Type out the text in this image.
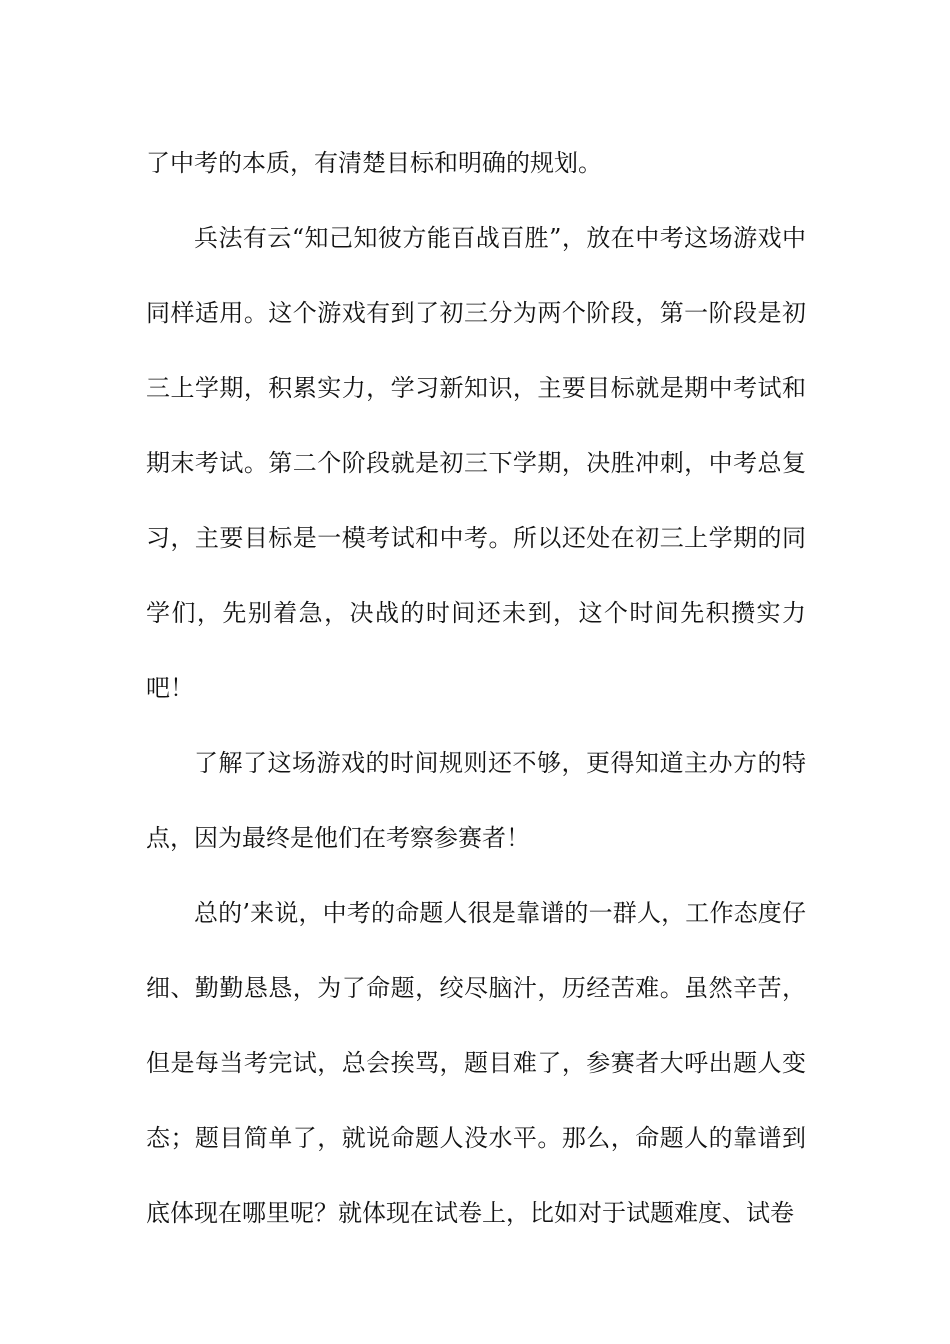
了中考的本质，有清楚目标和明确的规划。

兵法有云“知己知彼方能百战百胜”，放在中考这场游戏中同样适用。这个游戏有到了初三分为两个阶段，第一阶段是初三上学期，积累实力，学习新知识，主要目标就是期中考试和期末考试。第二个阶段就是初三下学期，决胜冲刺，中考总复习，主要目标是一模考试和中考。所以还处在初三上学期的同学们，先别着急，决战的时间还未到，这个时间先积攒实力吧！

了解了这场游戏的时间规则还不够，更得知道主办方的特点，因为最终是他们在考察参赛者！

总的’来说，中考的命题人很是靠谱的一群人，工作态度仔细、勤勤恳恳，为了命题，绞尽脑汁，历经苦难。虽然辛苦，但是每当考完试，总会挨骂，题目难了，参赛者大呼出题人变态；题目简单了，就说命题人没水平。那么，命题人的靠谱到底体现在哪里呢？就体现在试卷上，比如对于试题难度、试卷
